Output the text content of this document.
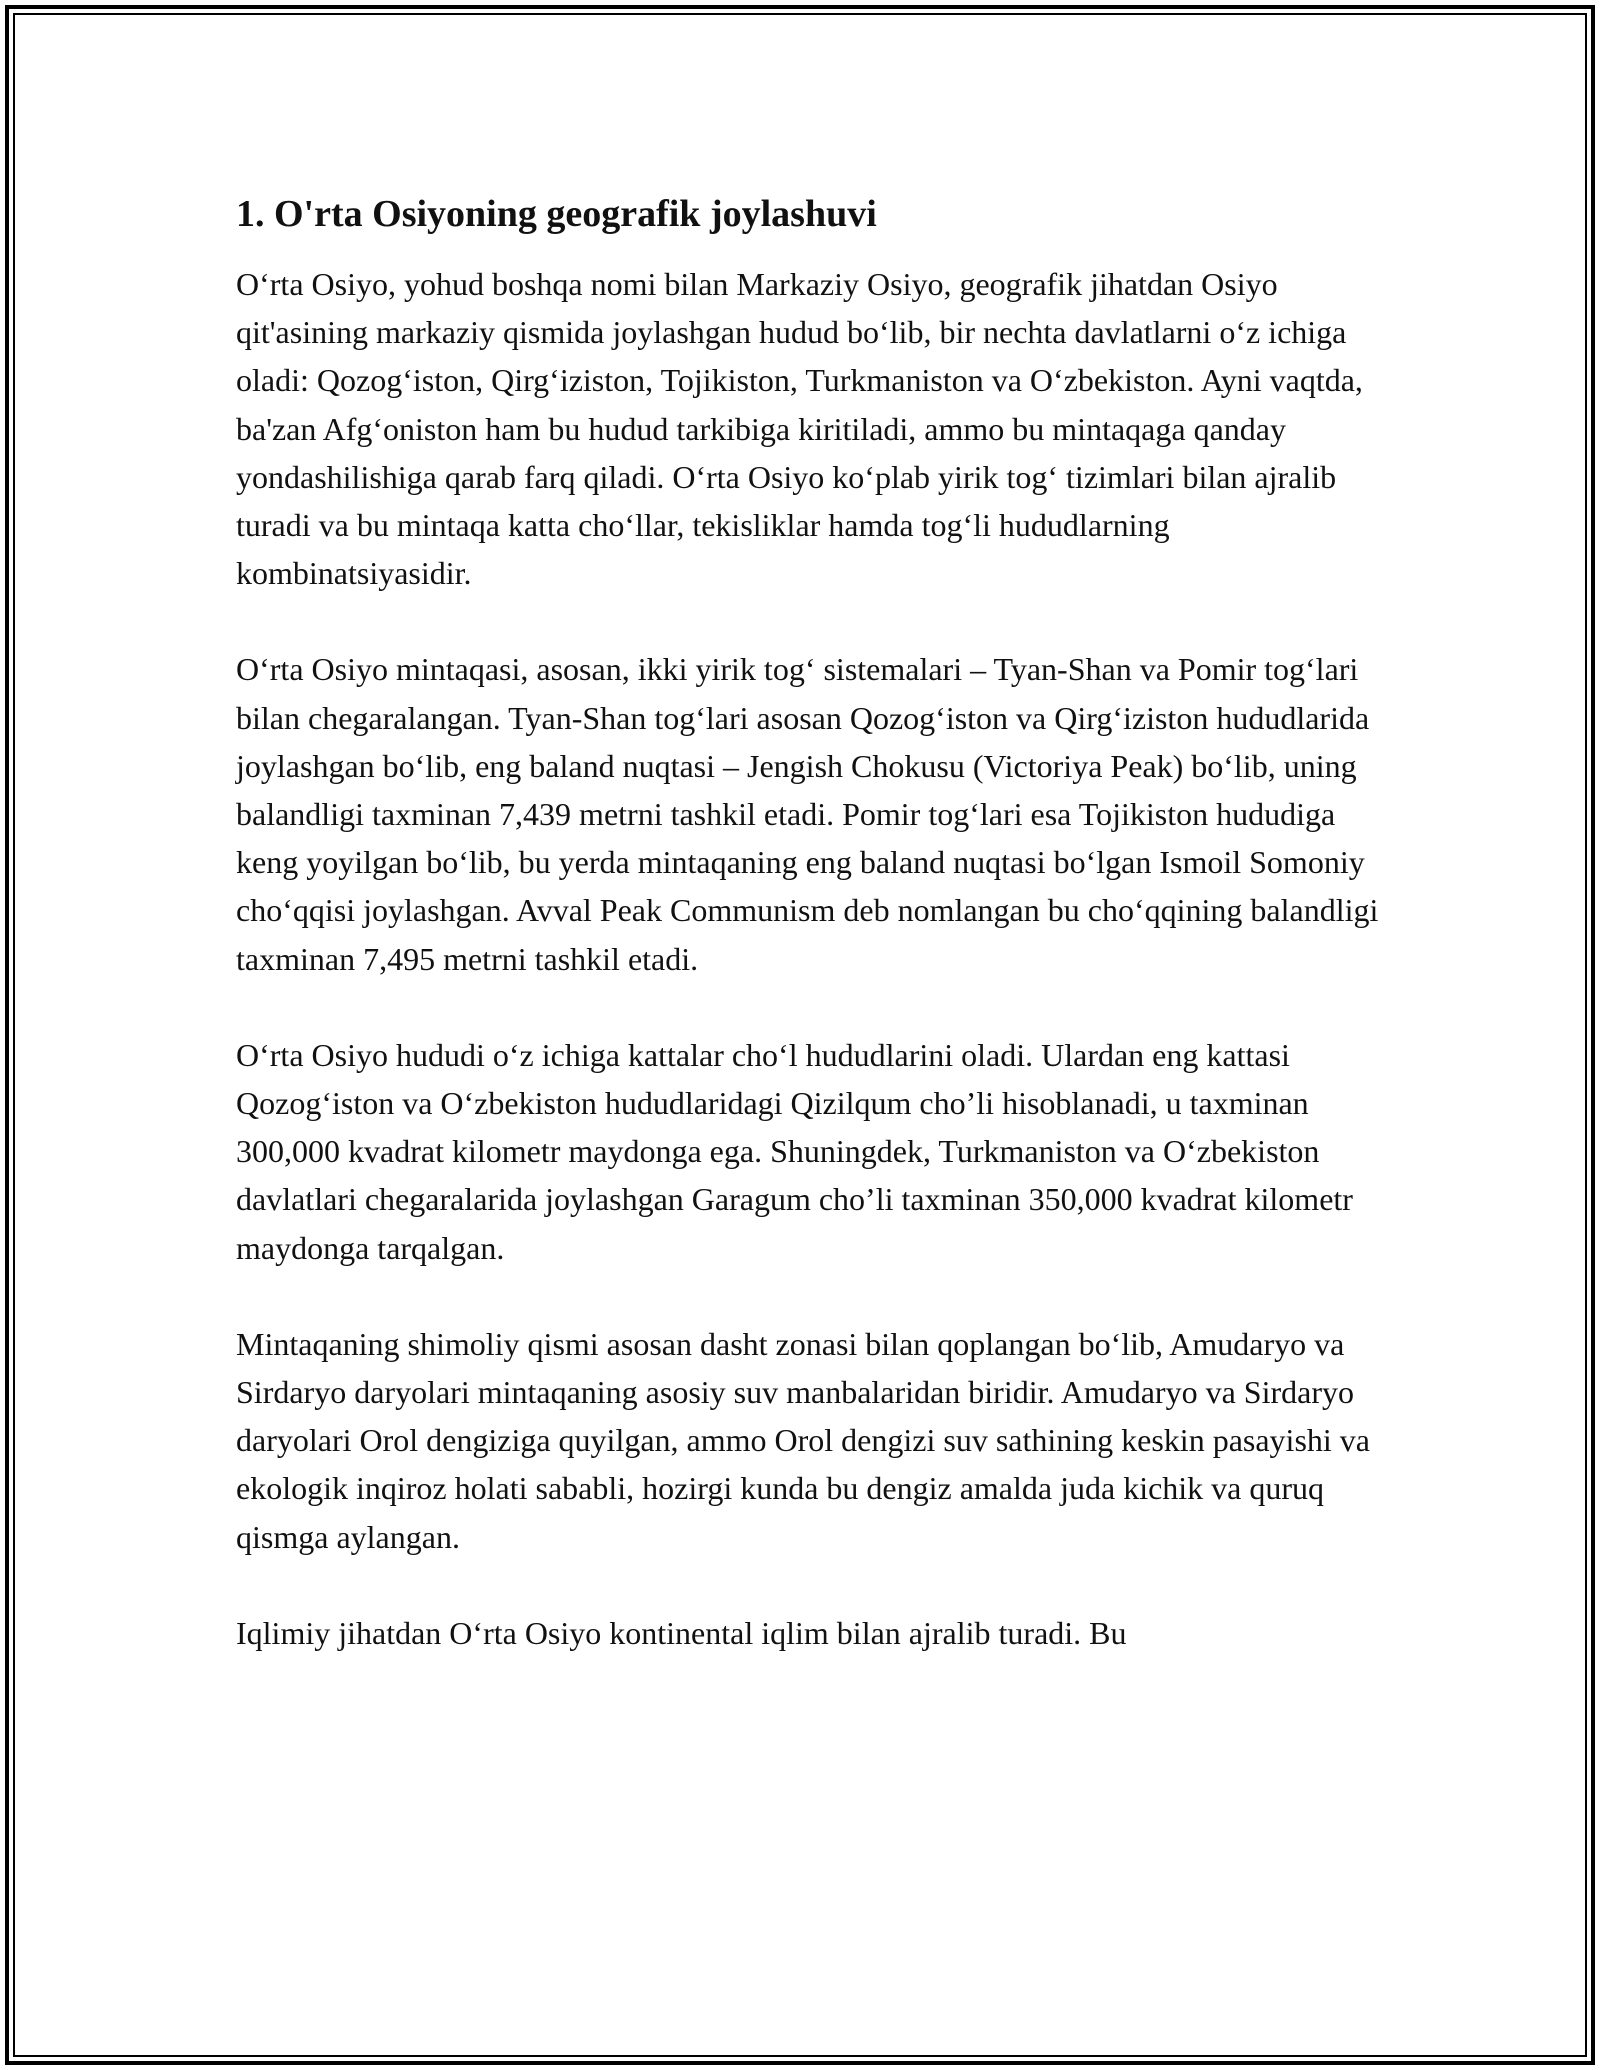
1. O'rta Osiyoning geografik joylashuvi

O‘rta Osiyo, yohud boshqa nomi bilan Markaziy Osiyo, geografik jihatdan Osiyo qit'asining markaziy qismida joylashgan hudud bo‘lib, bir nechta davlatlarni o‘z ichiga oladi: Qozog‘iston, Qirg‘iziston, Tojikiston, Turkmaniston va O‘zbekiston. Ayni vaqtda, ba'zan Afg‘oniston ham bu hudud tarkibiga kiritiladi, ammo bu mintaqaga qanday yondashilishiga qarab farq qiladi. O‘rta Osiyo ko‘plab yirik tog‘ tizimlari bilan ajralib turadi va bu mintaqa katta cho‘llar, tekisliklar hamda tog‘li hududlarning kombinatsiyasidir.

O‘rta Osiyo mintaqasi, asosan, ikki yirik tog‘ sistemalari – Tyan-Shan va Pomir tog‘lari bilan chegaralangan. Tyan-Shan tog‘lari asosan Qozog‘iston va Qirg‘iziston hududlarida joylashgan bo‘lib, eng baland nuqtasi – Jengish Chokusu (Victoriya Peak) bo‘lib, uning balandligi taxminan 7,439 metrni tashkil etadi. Pomir tog‘lari esa Tojikiston hududiga keng yoyilgan bo‘lib, bu yerda mintaqaning eng baland nuqtasi bo‘lgan Ismoil Somoniy cho‘qqisi joylashgan. Avval Peak Communism deb nomlangan bu cho‘qqining balandligi taxminan 7,495 metrni tashkil etadi.

O‘rta Osiyo hududi o‘z ichiga kattalar cho‘l hududlarini oladi. Ulardan eng kattasi Qozog‘iston va O‘zbekiston hududlaridagi Qizilqum cho’li hisoblanadi, u taxminan 300,000 kvadrat kilometr maydonga ega. Shuningdek, Turkmaniston va O‘zbekiston davlatlari chegaralarida joylashgan Garagum cho’li taxminan 350,000 kvadrat kilometr maydonga tarqalgan.

Mintaqaning shimoliy qismi asosan dasht zonasi bilan qoplangan bo‘lib, Amudaryo va Sirdaryo daryolari mintaqaning asosiy suv manbalaridan biridir. Amudaryo va Sirdaryo daryolari Orol dengiziga quyilgan, ammo Orol dengizi suv sathining keskin pasayishi va ekologik inqiroz holati sababli, hozirgi kunda bu dengiz amalda juda kichik va quruq qismga aylangan.

Iqlimiy jihatdan O‘rta Osiyo kontinental iqlim bilan ajralib turadi. Bu
